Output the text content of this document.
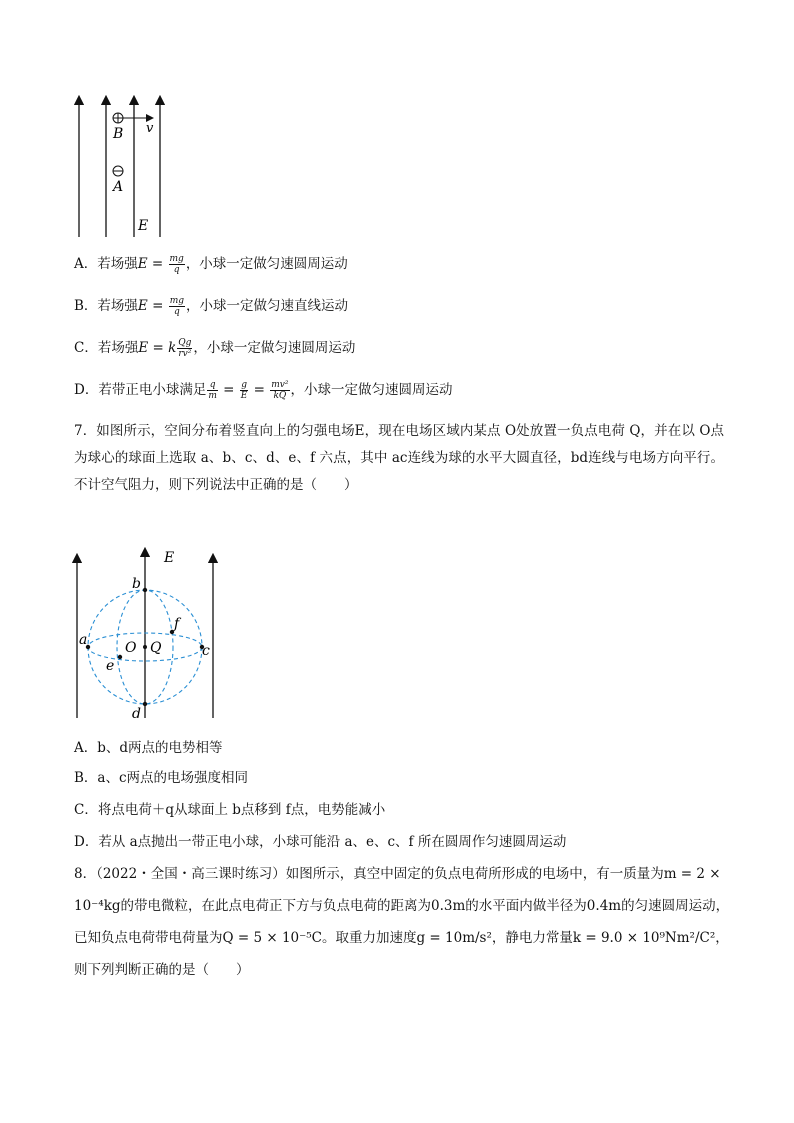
B v
A
E
A．若场强$E = \frac{mg}{q}$ ，小球一定做匀速圆周运动
B．若场强$E = \frac{mg}{q}$ ，小球一定做匀速直线运动
C．若场强E = k $\frac{Qg}{\text{rv²}}$ ，小球一定做匀速圆周运动
D．若带正电小球满足 $\frac{q}{m} = \frac{g}{E} = \frac{\text{mv²}}{kQ}$ ，小球一定做匀速圆周运动
7．如图所示，空间分布着竖直向上的匀强电场E，现在电场区域内某点 O处放置一负点电荷 Q，并在以 O点为球心的球面上选取 a、b、c、d、e、f 六点，其中 ac连线为球的水平大圆直径，bd连线与电场方向平行。不计空气阻力，则下列说法中正确的是（　　）
E
b
a
c
d
e
f
O Q
A．b、d两点的电势相等
B．a、c两点的电场强度相同
C．将点电荷＋q从球面上 b点移到 f点，电势能减小
D．若从 a点抛出一带正电小球，小球可能沿 a、e、c、f 所在圆周作匀速圆周运动
8．（2022・全国・高三课时练习）如图所示，真空中固定的负点电荷所形成的电场中，有一质量为m = 2 ×
10⁻⁴kg的带电微粒，在此点电荷正下方与负点电荷的距离为0.3m的水平面内做半径为0.4m的匀速圆周运动，
已知负点电荷带电荷量为Q = 5 × 10⁻⁵C。取重力加速度g = 10m/s²，静电力常量k = 9.0 × 10⁹Nm²/C²，
则下列判断正确的是（　　）
